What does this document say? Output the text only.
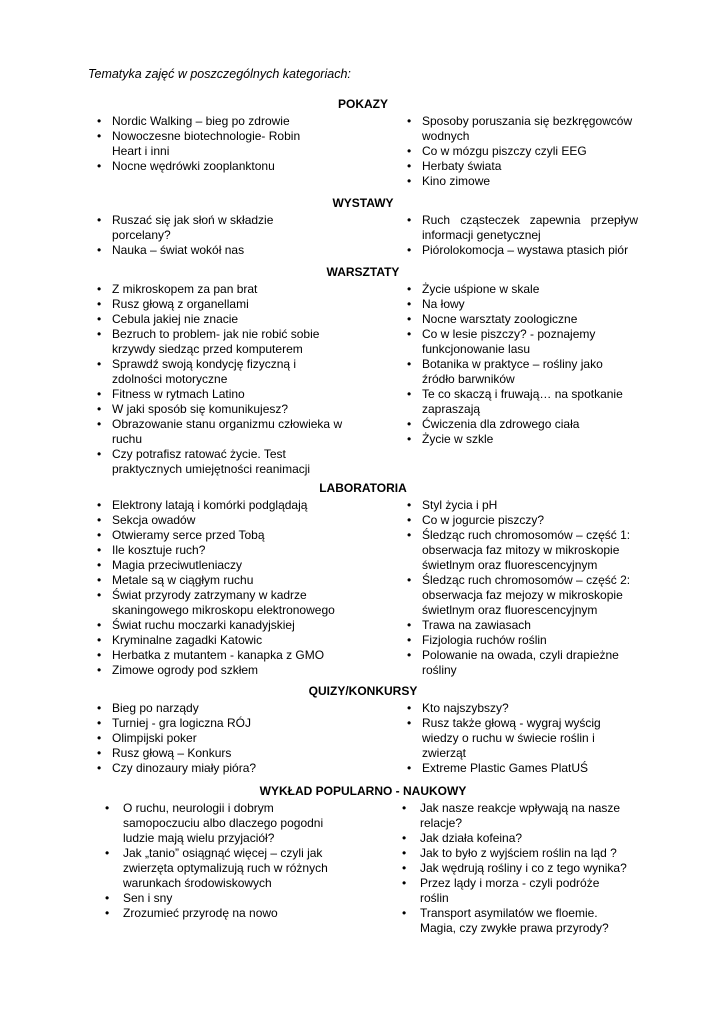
Tematyka zajęć w poszczególnych kategoriach:
POKAZY
• Nordic Walking – bieg po zdrowie
• Nowoczesne biotechnologie- Robin Heart i inni
• Nocne wędrówki zooplanktonu
• Sposoby poruszania się bezkręgowców wodnych
• Co w mózgu piszczy czyli EEG
• Herbaty świata
• Kino zimowe
WYSTAWY
• Ruszać się jak słoń w składzie porcelany?
• Nauka – świat wokół nas
• Ruch cząsteczek zapewnia przepływ informacji genetycznej
• Piórolokomocja – wystawa ptasich piór
WARSZTATY
• Z mikroskopem za pan brat
• Rusz głową z organellami
• Cebula jakiej nie znacie
• Bezruch to problem- jak nie robić sobie krzywdy siedząc przed komputerem
• Sprawdź swoją kondycję fizyczną i zdolności motoryczne
• Fitness w rytmach Latino
• W jaki sposób się komunikujesz?
• Obrazowanie stanu organizmu człowieka w ruchu
• Czy potrafisz ratować życie. Test praktycznych umiejętności reanimacji
• Życie uśpione w skale
• Na łowy
• Nocne warsztaty zoologiczne
• Co w lesie piszczy? - poznajemy funkcjonowanie lasu
• Botanika w praktyce – rośliny jako źródło barwników
• Te co skaczą i fruwają… na spotkanie zapraszają
• Ćwiczenia dla zdrowego ciała
• Życie w szkle
LABORATORIA
• Elektrony latają i komórki podglądają
• Sekcja owadów
• Otwieramy serce przed Tobą
• Ile kosztuje ruch?
• Magia przeciwutleniaczy
• Metale są w ciągłym ruchu
• Świat przyrody zatrzymany w kadrze skaningowego mikroskopu elektronowego
• Świat ruchu moczarki kanadyjskiej
• Kryminalne zagadki Katowic
• Herbatka z mutantem - kanapka z GMO
• Zimowe ogrody pod szkłem
• Styl życia i pH
• Co w jogurcie piszczy?
• Śledząc ruch chromosomów – część 1: obserwacja faz mitozy w mikroskopie świetlnym oraz fluorescencyjnym
• Śledząc ruch chromosomów – część 2: obserwacja faz mejozy w mikroskopie świetlnym oraz fluorescencyjnym
• Trawa na zawiasach
• Fizjologia ruchów roślin
• Polowanie na owada, czyli drapieżne rośliny
QUIZY/KONKURSY
• Bieg po narządy
• Turniej - gra logiczna RÓJ
• Olimpijski poker
• Rusz głową – Konkurs
• Czy dinozaury miały pióra?
• Kto najszybszy?
• Rusz także głową - wygraj wyścig wiedzy o ruchu w świecie roślin i zwierząt
• Extreme Plastic Games PlatUŚ
WYKŁAD POPULARNO - NAUKOWY
• O ruchu, neurologii i dobrym samopoczuciu albo dlaczego pogodni ludzie mają wielu przyjaciół?
• Jak „tanio” osiągnąć więcej – czyli jak zwierzęta optymalizują ruch w różnych warunkach środowiskowych
• Sen i sny
• Zrozumieć przyrodę na nowo
• Jak nasze reakcje wpływają na nasze relacje?
• Jak działa kofeina?
• Jak to było z wyjściem roślin na ląd ?
• Jak wędrują rośliny i co z tego wynika?
• Przez lądy i morza - czyli podróże roślin
• Transport asymilatów we floemie. Magia, czy zwykłe prawa przyrody?
